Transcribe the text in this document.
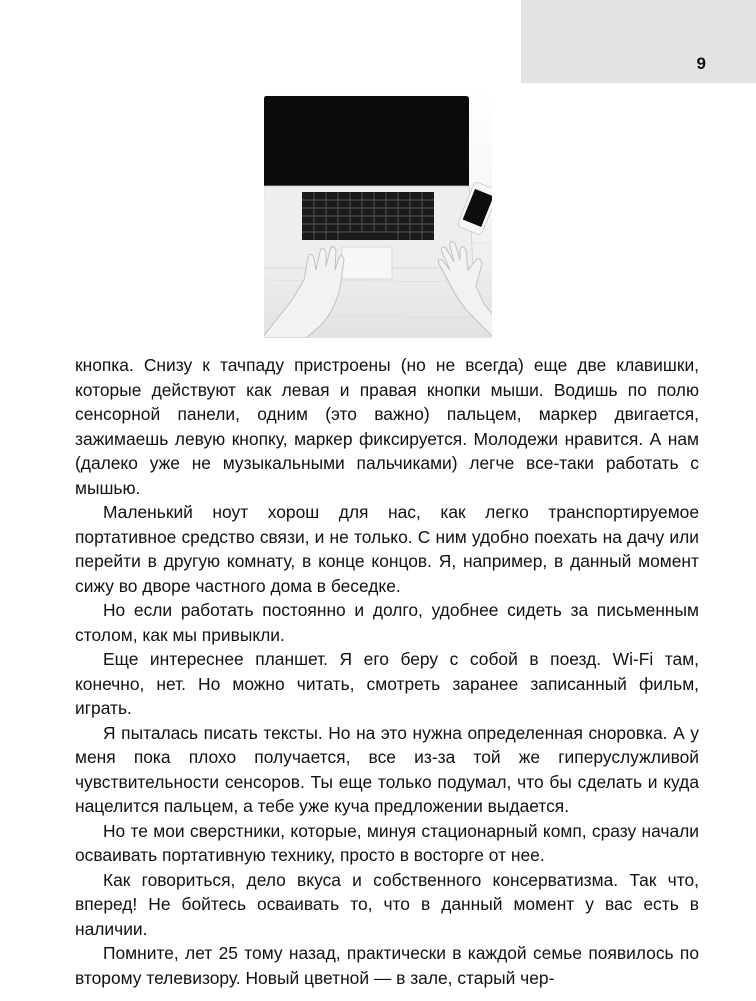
9

кнопка. Снизу к тачпаду пристроены (но не всегда) еще две клавишки, которые действуют как левая и правая кнопки мыши. Водишь по полю сенсорной панели, одним (это важно) пальцем, маркер двигается, зажимаешь левую кнопку, маркер фиксируется. Молодежи нравится. А нам (далеко уже не музыкальными пальчиками) легче все-таки работать с мышью.

Маленький ноут хорош для нас, как легко транспортируемое портативное средство связи, и не только. С ним удобно поехать на дачу или перейти в другую комнату, в конце концов. Я, например, в данный момент сижу во дворе частного дома в беседке.

Но если работать постоянно и долго, удобнее сидеть за письменным столом, как мы привыкли.

Еще интереснее планшет. Я его беру с собой в поезд. Wi-Fi там, конечно, нет. Но можно читать, смотреть заранее записанный фильм, играть.

Я пыталась писать тексты. Но на это нужна определенная сноровка. А у меня пока плохо получается, все из-за той же гиперуслужливой чувствительности сенсоров. Ты еще только подумал, что бы сделать и куда нацелится пальцем, а тебе уже куча предложении выдается.

Но те мои сверстники, которые, минуя стационарный комп, сразу начали осваивать портативную технику, просто в восторге от нее.

Как говориться, дело вкуса и собственного консерватизма. Так что, вперед! Не бойтесь осваивать то, что в данный момент у вас есть в наличии.

Помните, лет 25 тому назад, практически в каждой семье появилось по второму телевизору. Новый цветной — в зале, старый чер-
